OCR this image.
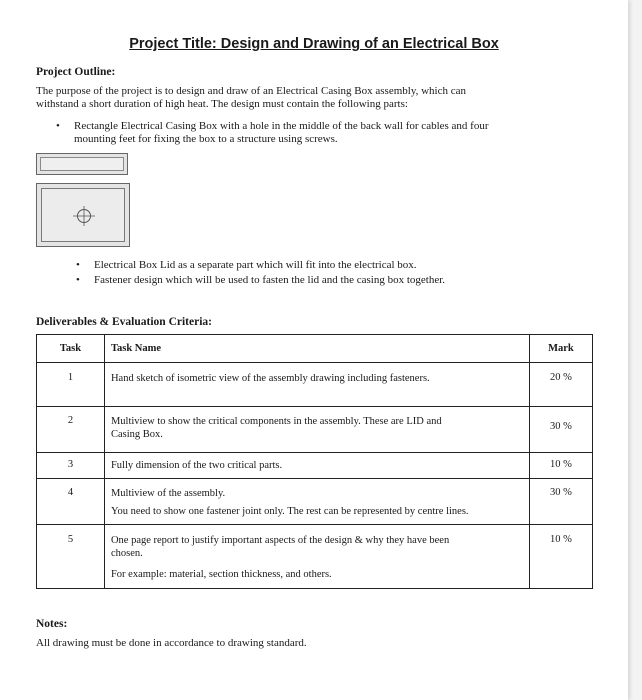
Project Title: Design and Drawing of an Electrical Box
Project Outline:
The purpose of the project is to design and draw of an Electrical Casing Box assembly, which can
withstand a short duration of high heat. The design must contain the following parts:
•	Rectangle Electrical Casing Box with a hole in the middle of the back wall for cables and four
mounting feet for fixing the box to a structure using screws.
•	Electrical Box Lid as a separate part which will fit into the electrical box.
•	Fastener design which will be used to fasten the lid and the casing box together.
Deliverables & Evaluation Criteria:
Task	Task Name	Mark
1	Hand sketch of isometric view of the assembly drawing including fasteners.	20 %
2	Multiview to show the critical components in the assembly. These are LID and
Casing Box.	30 %
3	Fully dimension of the two critical parts.	10 %
4	Multiview of the assembly.
You need to show one fastener joint only. The rest can be represented by centre lines.	30 %
5	One page report to justify important aspects of the design & why they have been
chosen.
For example: material, section thickness, and others.	10 %
Notes:
All drawing must be done in accordance to drawing standard.
